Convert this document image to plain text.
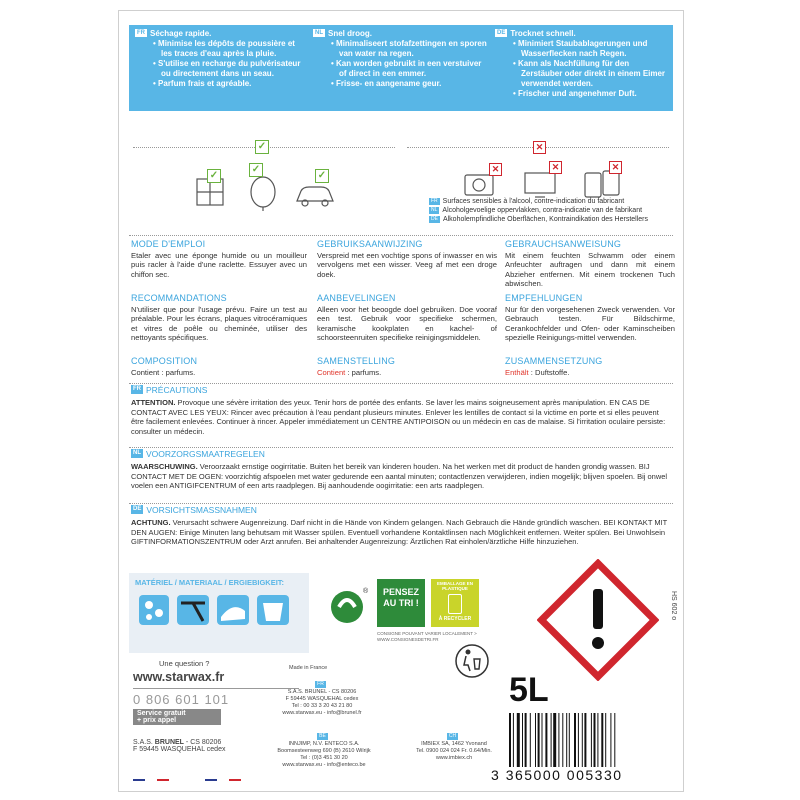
FR Séchage rapide.
• Minimise les dépôts de poussière et les traces d'eau après la pluie.
• S'utilise en recharge du pulvérisateur ou directement dans un seau.
• Parfum frais et agréable.
NL Snel droog.
• Minimaliseert stofafzettingen en sporen van water na regen.
• Kan worden gebruikt in een verstuiver of direct in een emmer.
• Frisse- en aangename geur.
DE Trocknet schnell.
• Minimiert Staubablagerungen und Wasserflecken nach Regen.
• Kann als Nachfüllung für den Zerstäuber oder direkt in einem Eimer verwendet werden.
• Frischer und angenehmer Duft.
✓	✕
✓
✓
✓
✕	✕	✕
FR Surfaces sensibles à l'alcool, contre-indication du fabricant
NL Alcoholgevoelige oppervlakken, contra-indicatie van de fabrikant
DE Alkoholempfindliche Oberflächen, Kontraindikation des Herstellers
MODE D'EMPLOI
Etaler avec une éponge humide ou un mouilleur puis racler à l'aide d'une raclette. Essuyer avec un chiffon sec.
GEBRUIKSAANWIJZING
Verspreid met een vochtige spons of inwasser en wis vervolgens met een wisser. Veeg af met een droge doek.
GEBRAUCHSANWEISUNG
Mit einem feuchten Schwamm oder einem Anfeuchter auftragen und dann mit einem Abzieher entfernen. Mit einem trockenen Tuch abwischen.
RECOMMANDATIONS
N'utiliser que pour l'usage prévu. Faire un test au préalable. Pour les écrans, plaques vitrocéramiques et vitres de poêle ou cheminée, utiliser des nettoyants spécifiques.
AANBEVELINGEN
Alleen voor het beoogde doel gebruiken. Doe vooraf een test. Gebruik voor specifieke schermen, keramische kookplaten en kachel- of schoorsteenruiten specifieke reinigingsmiddelen.
EMPFEHLUNGEN
Nur für den vorgesehenen Zweck verwenden. Vor Gebrauch testen. Für Bildschirme, Cerankochfelder und Ofen- oder Kaminscheiben spezielle Reinigungs-mittel verwenden.
COMPOSITION
Contient : parfums.
SAMENSTELLING
Contient : parfums.
ZUSAMMENSETZUNG
Enthält : Duftstoffe.
FR PRÉCAUTIONS
ATTENTION. Provoque une sévère irritation des yeux. Tenir hors de portée des enfants. Se laver les mains soigneusement après manipulation. EN CAS DE CONTACT AVEC LES YEUX: Rincer avec précaution à l'eau pendant plusieurs minutes. Enlever les lentilles de contact si la victime en porte et si elles peuvent être facilement enlevées. Continuer à rincer. Appeler immédiatement un CENTRE ANTIPOISON ou un médecin en cas de malaise. Si l'irritation oculaire persiste: consulter un médecin.
NL VOORZORGSMAATREGELEN
WAARSCHUWING. Veroorzaakt ernstige oogirritatie. Buiten het bereik van kinderen houden. Na het werken met dit product de handen grondig wassen. BIJ CONTACT MET DE OGEN: voorzichtig afspoelen met water gedurende een aantal minuten; contactlenzen verwijderen, indien mogelijk; blijven spoelen. Bij onwel voelen een ANTIGIFCENTRUM of een arts raadplegen. Bij aanhoudende oogirritatie: een arts raadplegen.
DE VORSICHTSMASSNAHMEN
ACHTUNG. Verursacht schwere Augenreizung. Darf nicht in die Hände von Kindern gelangen. Nach Gebrauch die Hände gründlich waschen. BEI KONTAKT MIT DEN AUGEN: Einige Minuten lang behutsam mit Wasser spülen. Eventuell vorhandene Kontaktlinsen nach Möglichkeit entfernen. Weiter spülen. Bei Unwohlsein GIFTINFORMATIONSZENTRUM oder Arzt anrufen. Bei anhaltender Augenreizung: Ärztlichen Rat einholen/ärztliche Hilfe hinzuziehen.
MATÉRIEL / MATERIAAL / ERGIEBIGKEIT:
®	PENSEZ
AU TRI !
EMBALLAGE EN PLASTIQUE
À RECYCLER
CONSIGNE POUVANT VARIER LOCALEMENT > WWW.CONSIGNESDETRI.FR
HS 602 o
5L
Une question ?
www.starwax.fr
0 806 601 101
Service gratuit
+ prix appel
S.A.S. BRUNEL - CS 80206
F 59445 WASQUEHAL cedex
Made in France
FR
S.A.S. BRUNEL - CS 80206
F 59445 WASQUEHAL cedex
Tel : 00 33 3 20 43 21 80
www.starwax.eu - info@brunel.fr
BE
INNJIMP, N.V. ENTECO S.A.
Boomsesteenweg 690 (B) 2610 Wilrijk
Tel : (0)3 451 30 20
www.starwax.eu - info@enteco.be
CH
IMBIEX SA, 1462 Yvonand
Tel. 0900 024 024 Fr. 0.64/Min.
www.imbiex.ch
3 365000 005330
